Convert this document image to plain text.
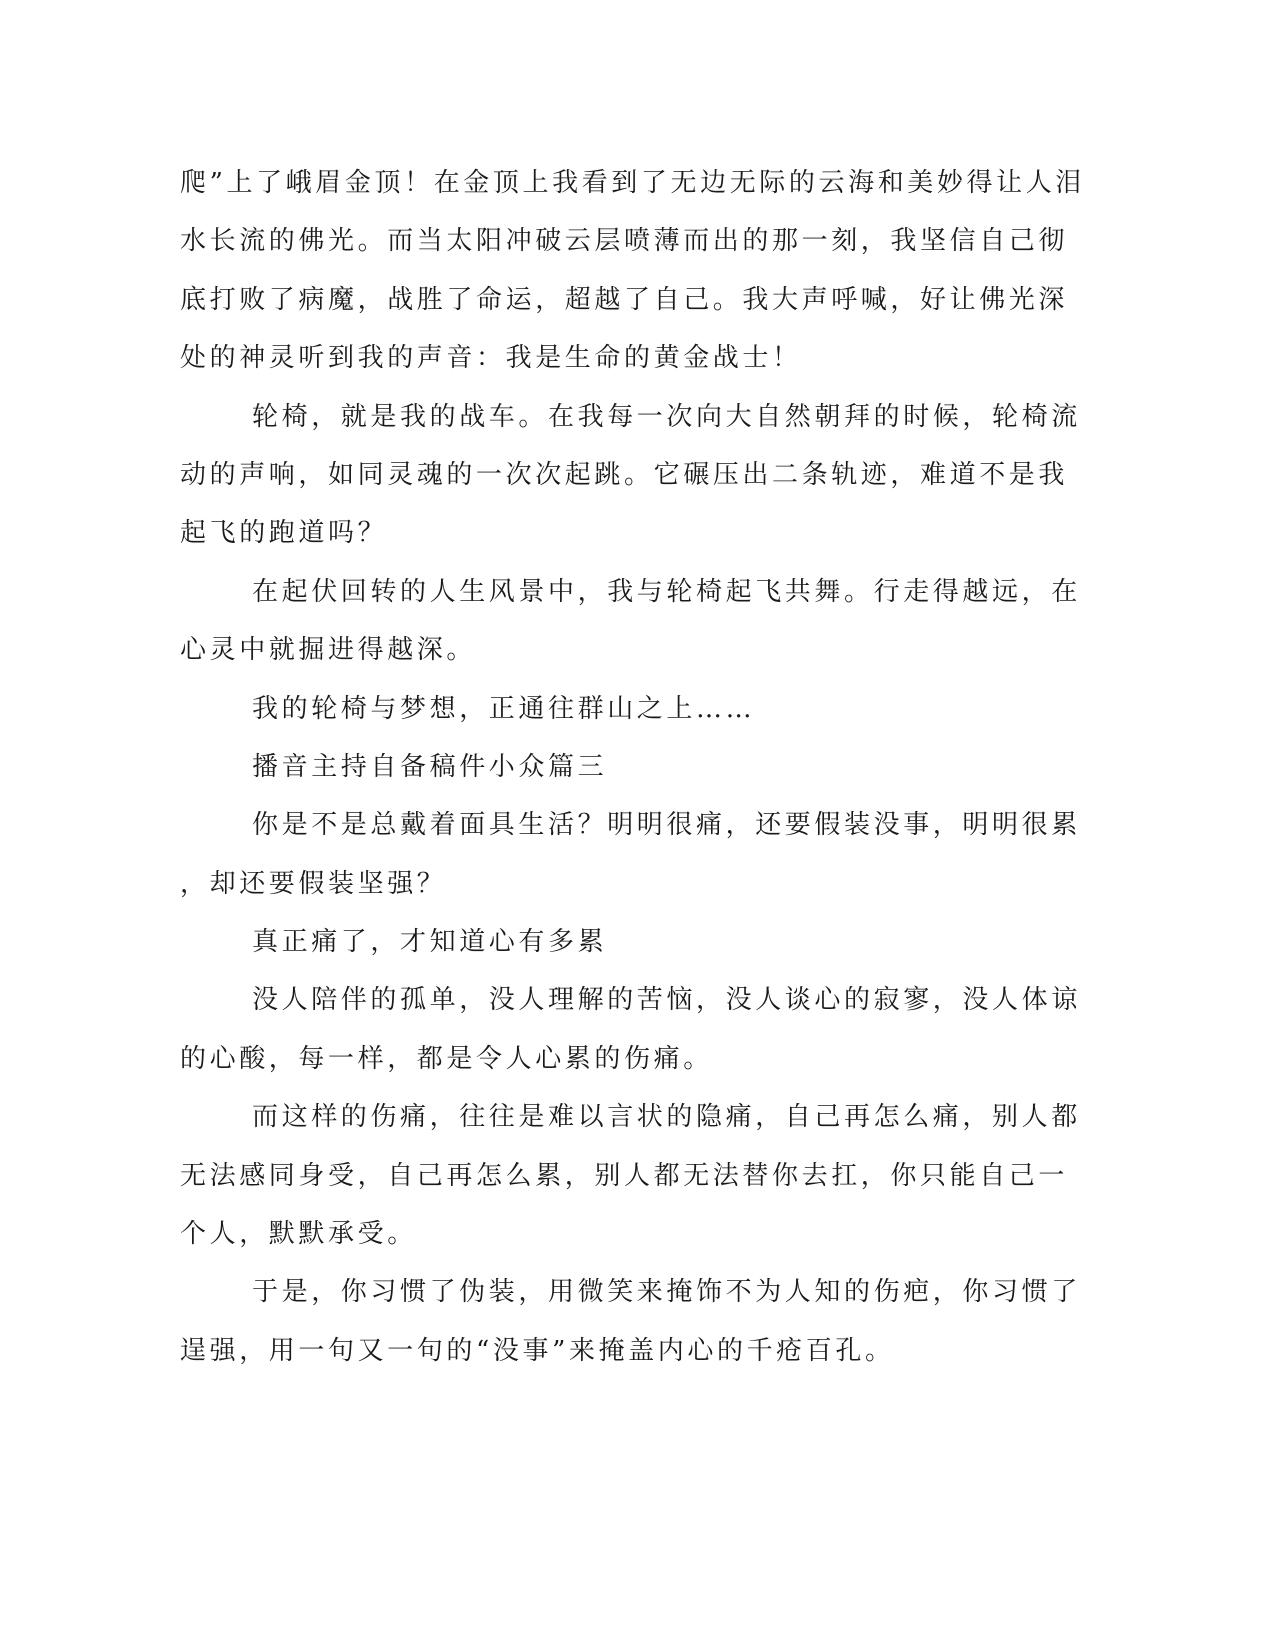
爬”上了峨眉金顶！在金顶上我看到了无边无际的云海和美妙得让人泪
水长流的佛光。而当太阳冲破云层喷薄而出的那一刻，我坚信自己彻
底打败了病魔，战胜了命运，超越了自己。我大声呼喊，好让佛光深
处的神灵听到我的声音：我是生命的黄金战士！
轮椅，就是我的战车。在我每一次向大自然朝拜的时候，轮椅流
动的声响，如同灵魂的一次次起跳。它碾压出二条轨迹，难道不是我
起飞的跑道吗？
在起伏回转的人生风景中，我与轮椅起飞共舞。行走得越远，在
心灵中就掘进得越深。
我的轮椅与梦想，正通往群山之上……
播音主持自备稿件小众篇三
你是不是总戴着面具生活？明明很痛，还要假装没事，明明很累
，却还要假装坚强？
真正痛了，才知道心有多累
没人陪伴的孤单，没人理解的苦恼，没人谈心的寂寥，没人体谅
的心酸，每一样，都是令人心累的伤痛。
而这样的伤痛，往往是难以言状的隐痛，自己再怎么痛，别人都
无法感同身受，自己再怎么累，别人都无法替你去扛，你只能自己一
个人，默默承受。
于是，你习惯了伪装，用微笑来掩饰不为人知的伤疤，你习惯了
逞强，用一句又一句的“没事”来掩盖内心的千疮百孔。
